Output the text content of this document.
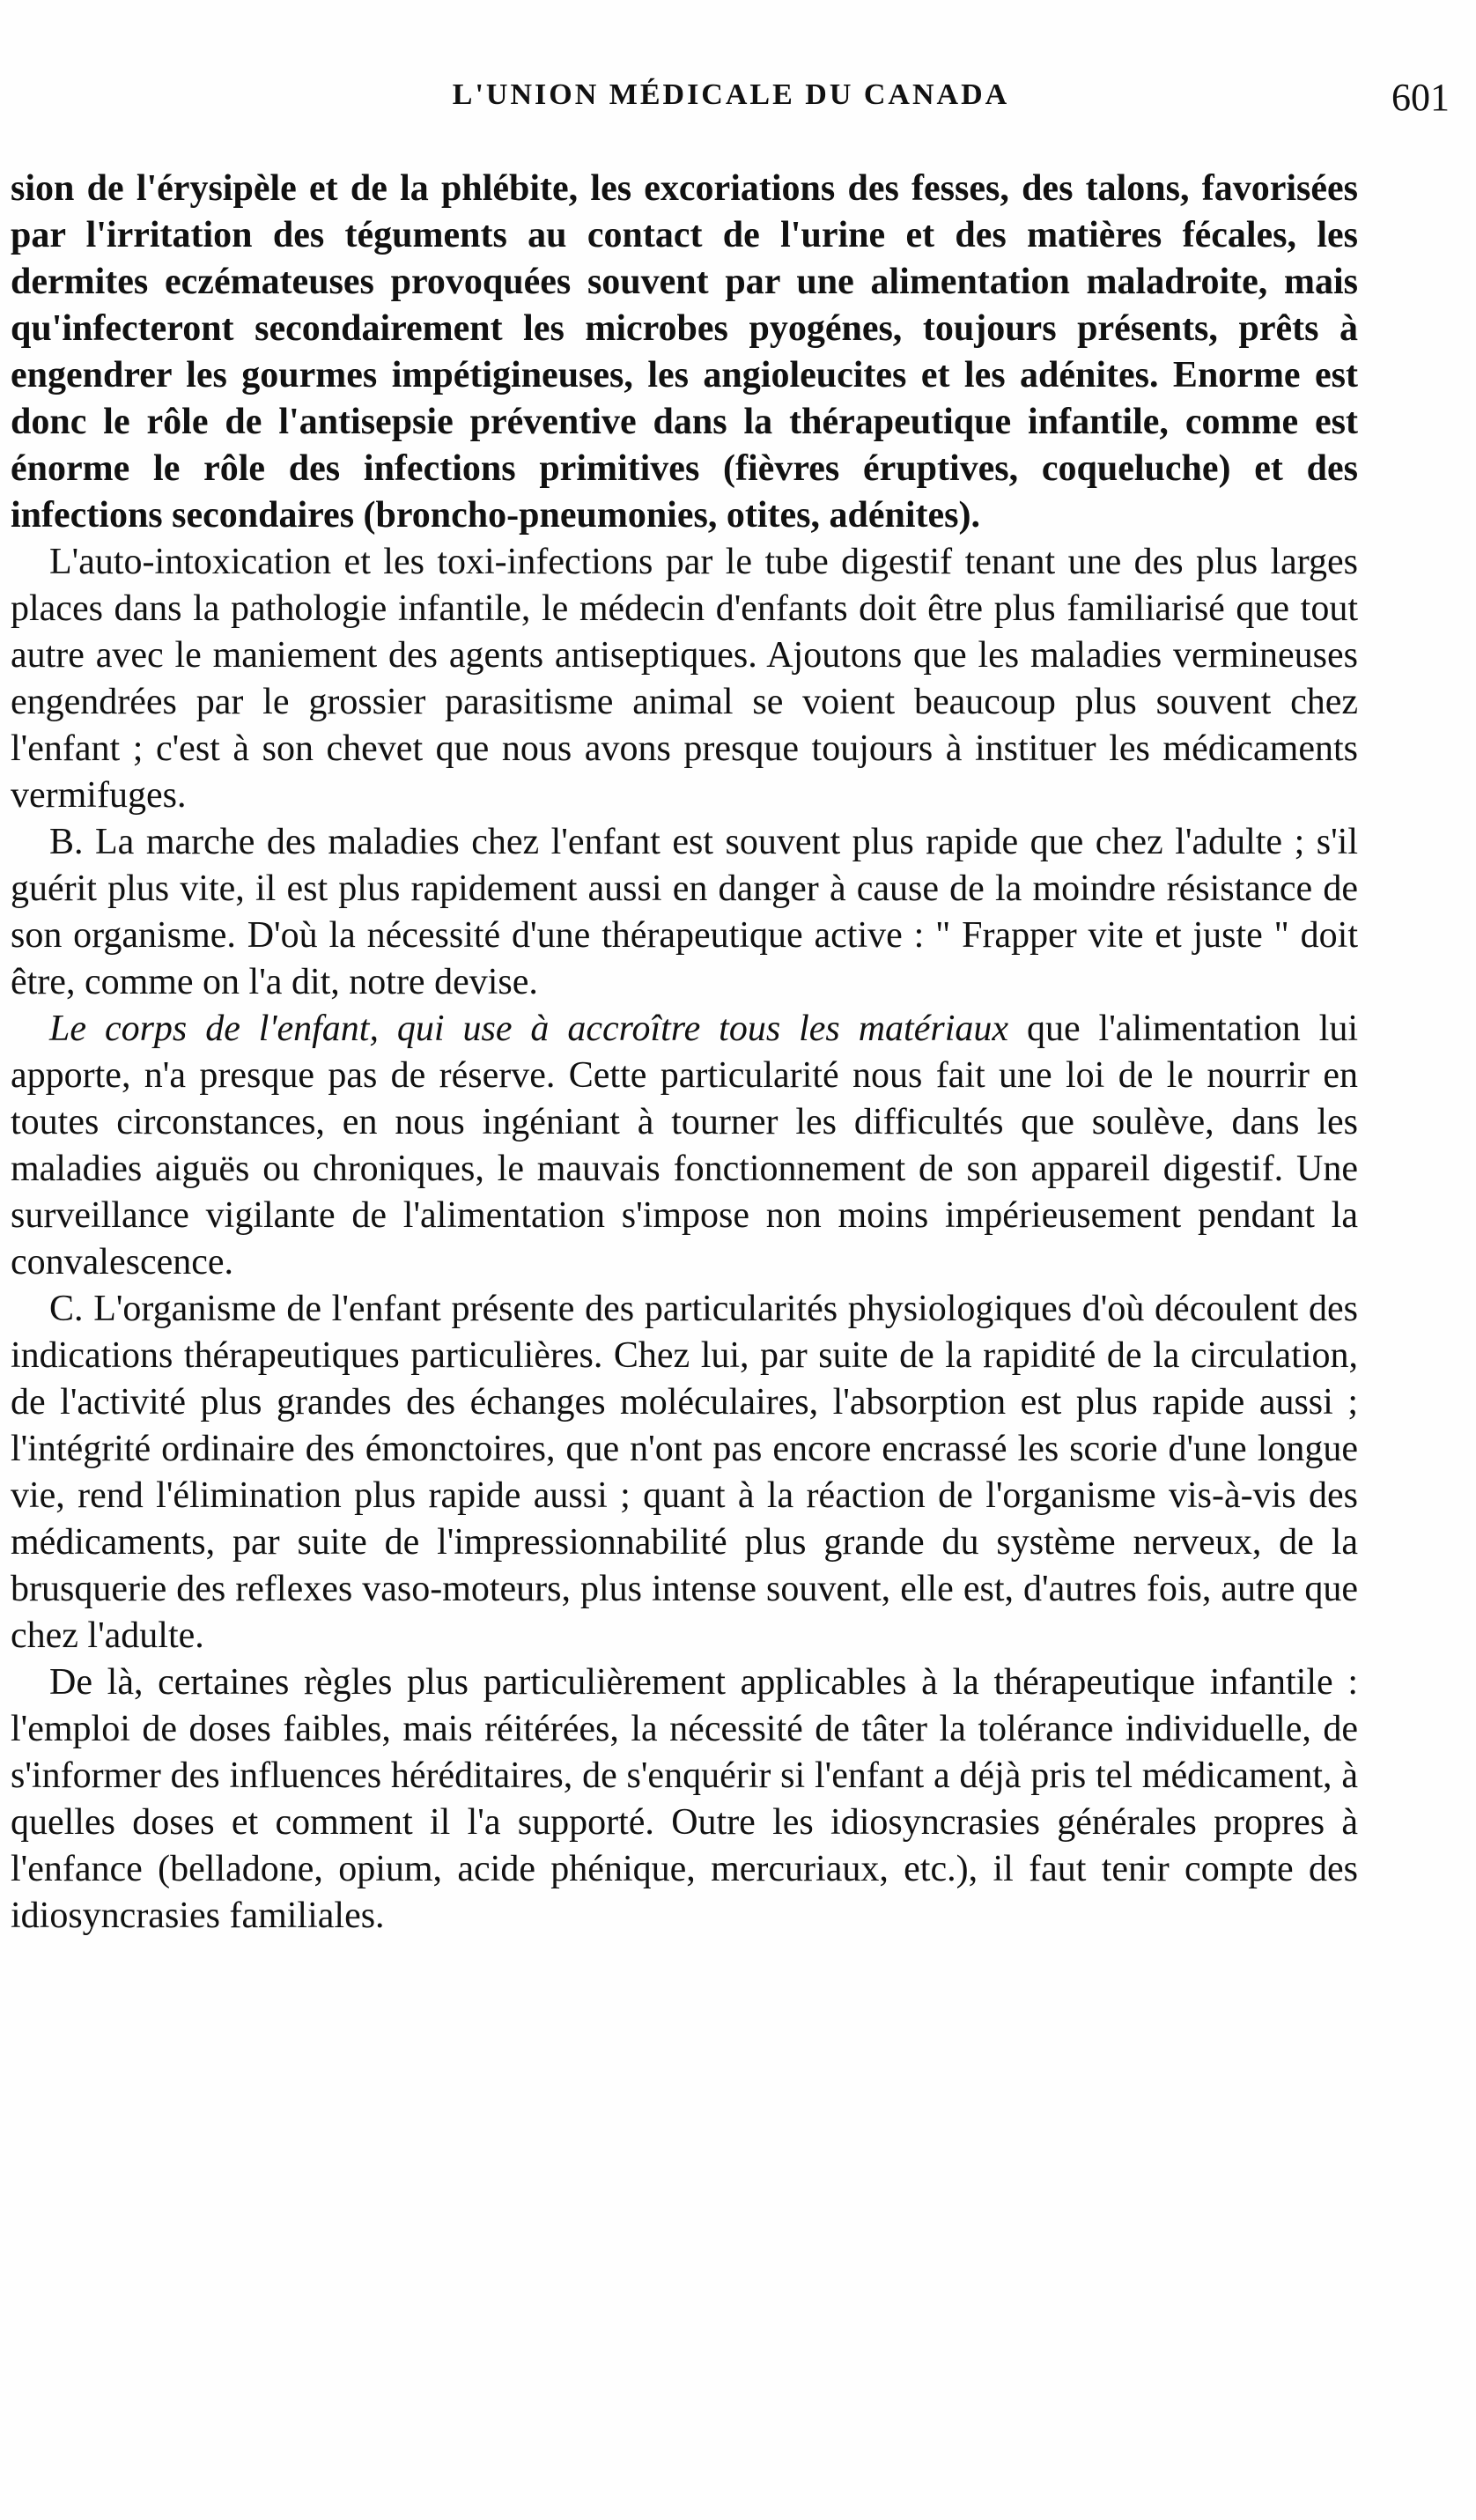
L'UNION MÉDICALE DU CANADA	601

sion de l'érysipèle et de la phlébite, les excoriations des fesses, des talons, favorisées par l'irritation des téguments au contact de l'urine et des matières fécales, les dermites eczémateuses provoquées souvent par une alimentation maladroite, mais qu'infecteront secondairement les microbes pyogénes, toujours présents, prêts à engendrer les gourmes impétigineuses, les angioleucites et les adénites. Enorme est donc le rôle de l'antisepsie préventive dans la thérapeutique infantile, comme est énorme le rôle des infections primitives (fièvres éruptives, coqueluche) et des infections secondaires (broncho-pneumonies, otites, adénites).

L'auto-intoxication et les toxi-infections par le tube digestif tenant une des plus larges places dans la pathologie infantile, le médecin d'enfants doit être plus familiarisé que tout autre avec le maniement des agents antiseptiques. Ajoutons que les maladies vermineuses engendrées par le grossier parasitisme animal se voient beaucoup plus souvent chez l'enfant ; c'est à son chevet que nous avons presque toujours à instituer les médicaments vermifuges.

B. La marche des maladies chez l'enfant est souvent plus rapide que chez l'adulte ; s'il guérit plus vite, il est plus rapidement aussi en danger à cause de la moindre résistance de son organisme. D'où la nécessité d'une thérapeutique active : " Frapper vite et juste " doit être, comme on l'a dit, notre devise.

Le corps de l'enfant, qui use à accroître tous les matériaux que l'alimentation lui apporte, n'a presque pas de réserve. Cette particularité nous fait une loi de le nourrir en toutes circonstances, en nous ingéniant à tourner les difficultés que soulève, dans les maladies aiguës ou chroniques, le mauvais fonctionnement de son appareil digestif. Une surveillance vigilante de l'alimentation s'impose non moins impérieusement pendant la convalescence.

C. L'organisme de l'enfant présente des particularités physiologiques d'où découlent des indications thérapeutiques particulières. Chez lui, par suite de la rapidité de la circulation, de l'activité plus grandes des échanges moléculaires, l'absorption est plus rapide aussi ; l'intégrité ordinaire des émonctoires, que n'ont pas encore encrassé les scorie d'une longue vie, rend l'élimination plus rapide aussi ; quant à la réaction de l'organisme vis-à-vis des médicaments, par suite de l'impressionnabilité plus grande du système nerveux, de la brusquerie des reflexes vaso-moteurs, plus intense souvent, elle est, d'autres fois, autre que chez l'adulte.

De là, certaines règles plus particulièrement applicables à la thérapeutique infantile : l'emploi de doses faibles, mais réitérées, la nécessité de tâter la tolérance individuelle, de s'informer des influences héréditaires, de s'enquérir si l'enfant a déjà pris tel médicament, à quelles doses et comment il l'a supporté. Outre les idiosyncrasies générales propres à l'enfance (belladone, opium, acide phénique, mercuriaux, etc.), il faut tenir compte des idiosyncrasies familiales.
